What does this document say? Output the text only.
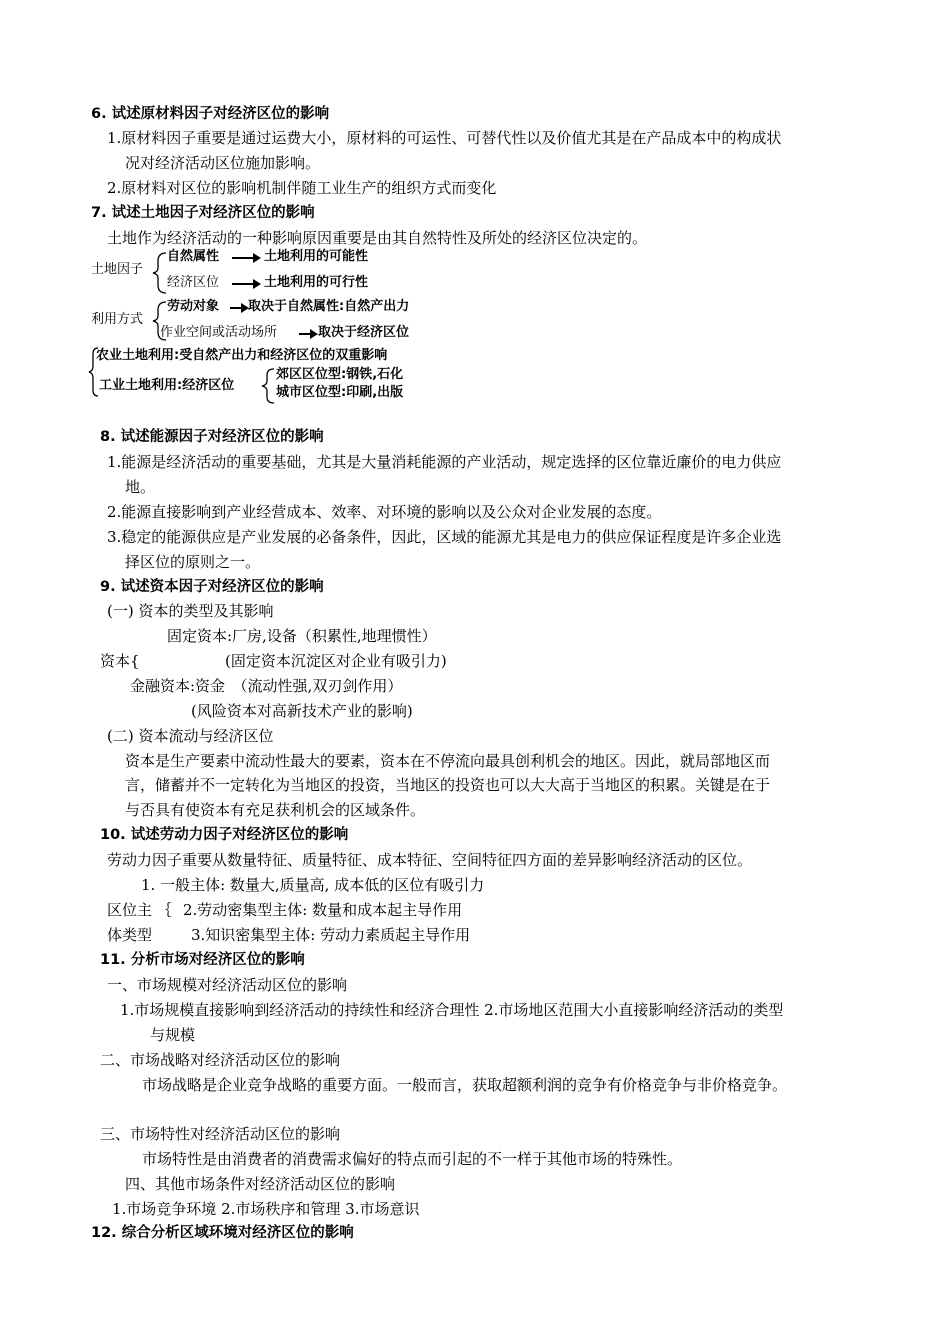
6. 试述原材料因子对经济区位的影响
1.原材料因子重要是通过运费大小，原材料的可运性、可替代性以及价值尤其是在产品成本中的构成状
况对经济活动区位施加影响。
2.原材料对区位的影响机制伴随工业生产的组织方式而变化
7. 试述土地因子对经济区位的影响
土地作为经济活动的一种影响原因重要是由其自然特性及所处的经济区位决定的。
土地因子
自然属性	土地利用的可能性
经济区位	土地利用的可行性
利用方式
劳动对象 取决于自然属性:自然产出力
作业空间或活动场所	取决于经济区位
农业土地利用:受自然产出力和经济区位的双重影响
工业土地利用:经济区位
郊区区位型:钢铁,石化
城市区位型:印刷,出版
8. 试述能源因子对经济区位的影响
1.能源是经济活动的重要基础，尤其是大量消耗能源的产业活动，规定选择的区位靠近廉价的电力供应
地。
2.能源直接影响到产业经营成本、效率、对环境的影响以及公众对企业发展的态度。
3.稳定的能源供应是产业发展的必备条件，因此，区域的能源尤其是电力的供应保证程度是许多企业选
择区位的原则之一。
9. 试述资本因子对经济区位的影响
(一) 资本的类型及其影响
固定资本:厂房,设备（积累性,地理惯性）
资本{	(固定资本沉淀区对企业有吸引力)
金融资本:资金　（流动性强,双刃剑作用）
(风险资本对高新技术产业的影响)
(二) 资本流动与经济区位
资本是生产要素中流动性最大的要素，资本在不停流向最具创利机会的地区。因此，就局部地区而
言，储蓄并不一定转化为当地区的投资，当地区的投资也可以大大高于当地区的积累。关键是在于
与否具有使资本有充足获利机会的区域条件。
10. 试述劳动力因子对经济区位的影响
劳动力因子重要从数量特征、质量特征、成本特征、空间特征四方面的差异影响经济活动的区位。
1. 一般主体: 数量大,质量高, 成本低的区位有吸引力
区位主 ｛ 2.劳动密集型主体: 数量和成本起主导作用
体类型	3.知识密集型主体: 劳动力素质起主导作用
11. 分析市场对经济区位的影响
一、市场规模对经济活动区位的影响
1.市场规模直接影响到经济活动的持续性和经济合理性 2.市场地区范围大小直接影响经济活动的类型
与规模
二、市场战略对经济活动区位的影响
市场战略是企业竞争战略的重要方面。一般而言，获取超额利润的竞争有价格竞争与非价格竞争。
三、市场特性对经济活动区位的影响
市场特性是由消费者的消费需求偏好的特点而引起的不一样于其他市场的特殊性。
四、其他市场条件对经济活动区位的影响
1.市场竞争环境 2.市场秩序和管理 3.市场意识
12. 综合分析区域环境对经济区位的影响
